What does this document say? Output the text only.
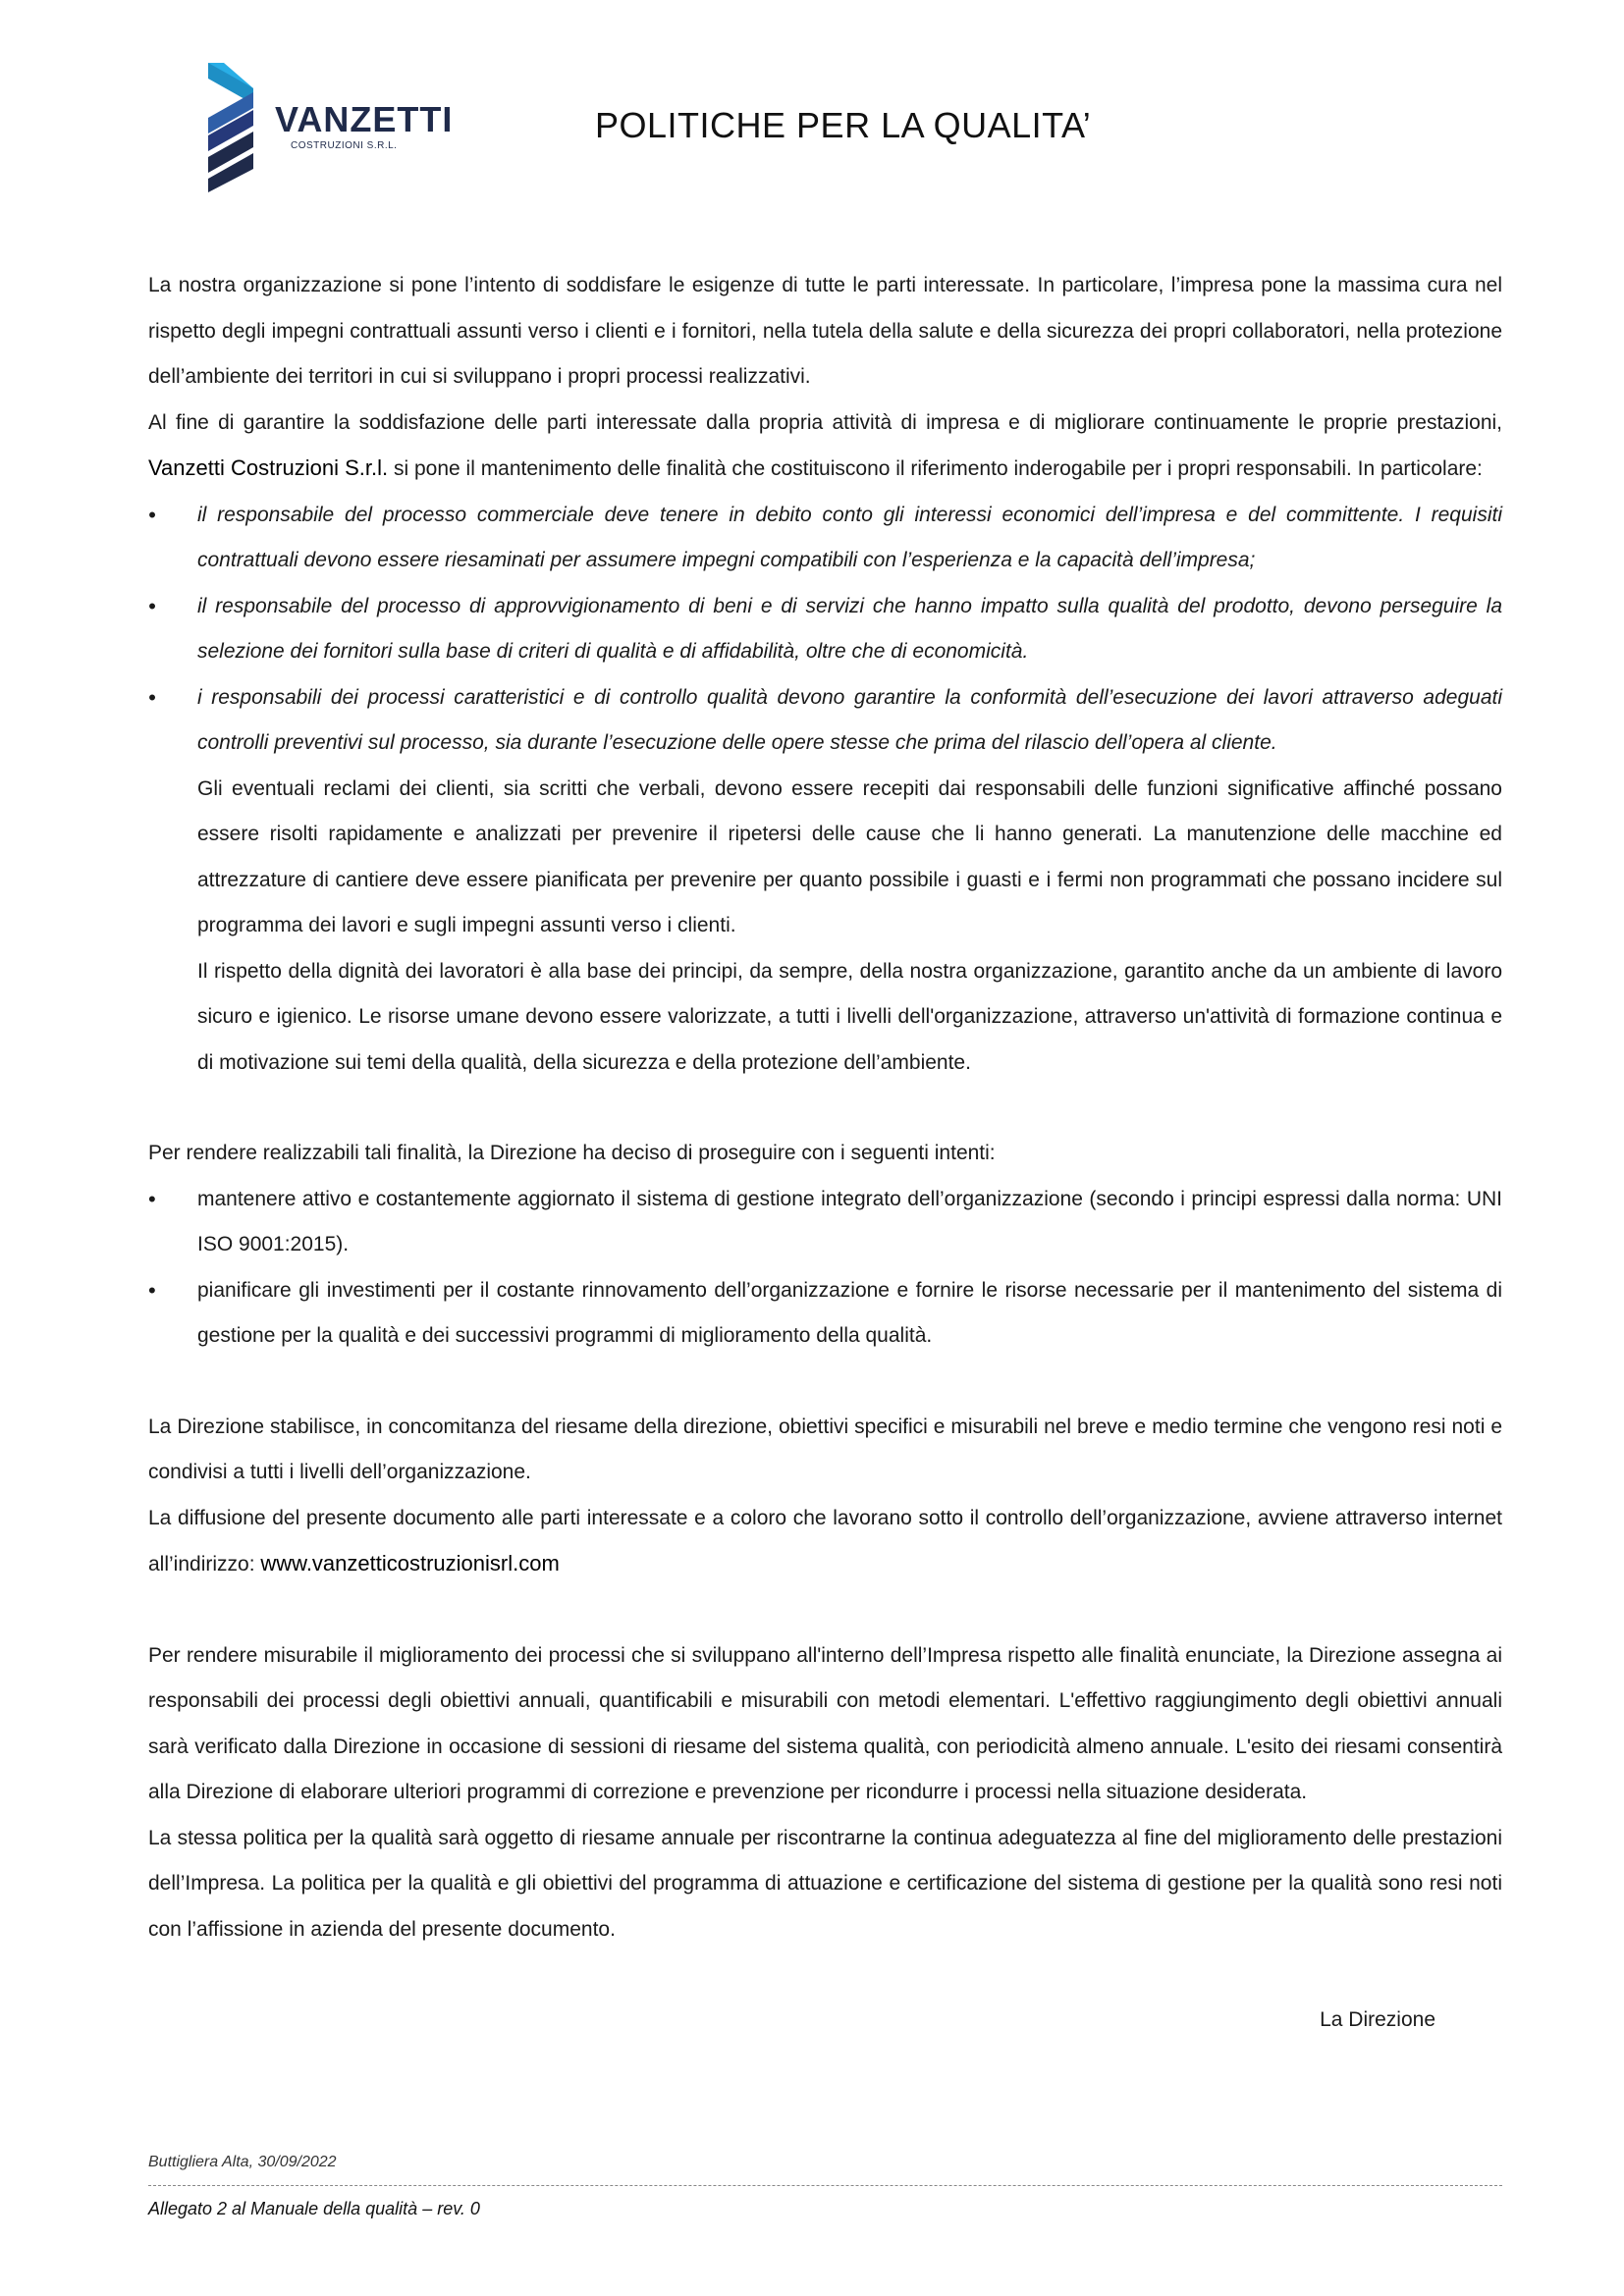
VANZETTI
COSTRUZIONI S.R.L.
POLITICHE PER LA QUALITA’

La nostra organizzazione si pone l’intento di soddisfare le esigenze di tutte le parti interessate. In particolare, l’impresa pone la massima cura nel rispetto degli impegni contrattuali assunti verso i clienti e i fornitori, nella tutela della salute e della sicurezza dei propri collaboratori, nella protezione dell’ambiente dei territori in cui si sviluppano i propri processi realizzativi.

Al fine di garantire la soddisfazione delle parti interessate dalla propria attività di impresa e di migliorare continuamente le proprie prestazioni, Vanzetti Costruzioni S.r.l. si pone il mantenimento delle finalità che costituiscono il riferimento inderogabile per i propri responsabili. In particolare:

• il responsabile del processo commerciale deve tenere in debito conto gli interessi economici dell’impresa e del committente. I requisiti contrattuali devono essere riesaminati per assumere impegni compatibili con l’esperienza e la capacità dell’impresa;
• il responsabile del processo di approvvigionamento di beni e di servizi che hanno impatto sulla qualità del prodotto, devono perseguire la selezione dei fornitori sulla base di criteri di qualità e di affidabilità, oltre che di economicità.
• i responsabili dei processi caratteristici e di controllo qualità devono garantire la conformità dell’esecuzione dei lavori attraverso adeguati controlli preventivi sul processo, sia durante l’esecuzione delle opere stesse che prima del rilascio dell’opera al cliente.

Gli eventuali reclami dei clienti, sia scritti che verbali, devono essere recepiti dai responsabili delle funzioni significative affinché possano essere risolti rapidamente e analizzati per prevenire il ripetersi delle cause che li hanno generati. La manutenzione delle macchine ed attrezzature di cantiere deve essere pianificata per prevenire per quanto possibile i guasti e i fermi non programmati che possano incidere sul programma dei lavori e sugli impegni assunti verso i clienti.

Il rispetto della dignità dei lavoratori è alla base dei principi, da sempre, della nostra organizzazione, garantito anche da un ambiente di lavoro sicuro e igienico. Le risorse umane devono essere valorizzate, a tutti i livelli dell'organizzazione, attraverso un'attività di formazione continua e di motivazione sui temi della qualità, della sicurezza e della protezione dell’ambiente.

Per rendere realizzabili tali finalità, la Direzione ha deciso di proseguire con i seguenti intenti:

• mantenere attivo e costantemente aggiornato il sistema di gestione integrato dell’organizzazione (secondo i principi espressi dalla norma: UNI ISO 9001:2015).
• pianificare gli investimenti per il costante rinnovamento dell’organizzazione e fornire le risorse necessarie per il mantenimento del sistema di gestione per la qualità e dei successivi programmi di miglioramento della qualità.

La Direzione stabilisce, in concomitanza del riesame della direzione, obiettivi specifici e misurabili nel breve e medio termine che vengono resi noti e condivisi a tutti i livelli dell’organizzazione.

La diffusione del presente documento alle parti interessate e a coloro che lavorano sotto il controllo dell’organizzazione, avviene attraverso internet all’indirizzo: www.vanzetticostruzionisrl.com

Per rendere misurabile il miglioramento dei processi che si sviluppano all'interno dell’Impresa rispetto alle finalità enunciate, la Direzione assegna ai responsabili dei processi degli obiettivi annuali, quantificabili e misurabili con metodi elementari. L'effettivo raggiungimento degli obiettivi annuali sarà verificato dalla Direzione in occasione di sessioni di riesame del sistema qualità, con periodicità almeno annuale. L'esito dei riesami consentirà alla Direzione di elaborare ulteriori programmi di correzione e prevenzione per ricondurre i processi nella situazione desiderata.

La stessa politica per la qualità sarà oggetto di riesame annuale per riscontrarne la continua adeguatezza al fine del miglioramento delle prestazioni dell’Impresa. La politica per la qualità e gli obiettivi del programma di attuazione e certificazione del sistema di gestione per la qualità sono resi noti con l’affissione in azienda del presente documento.

La Direzione
Buttigliera Alta, 30/09/2022
Allegato 2 al Manuale della qualità – rev. 0
